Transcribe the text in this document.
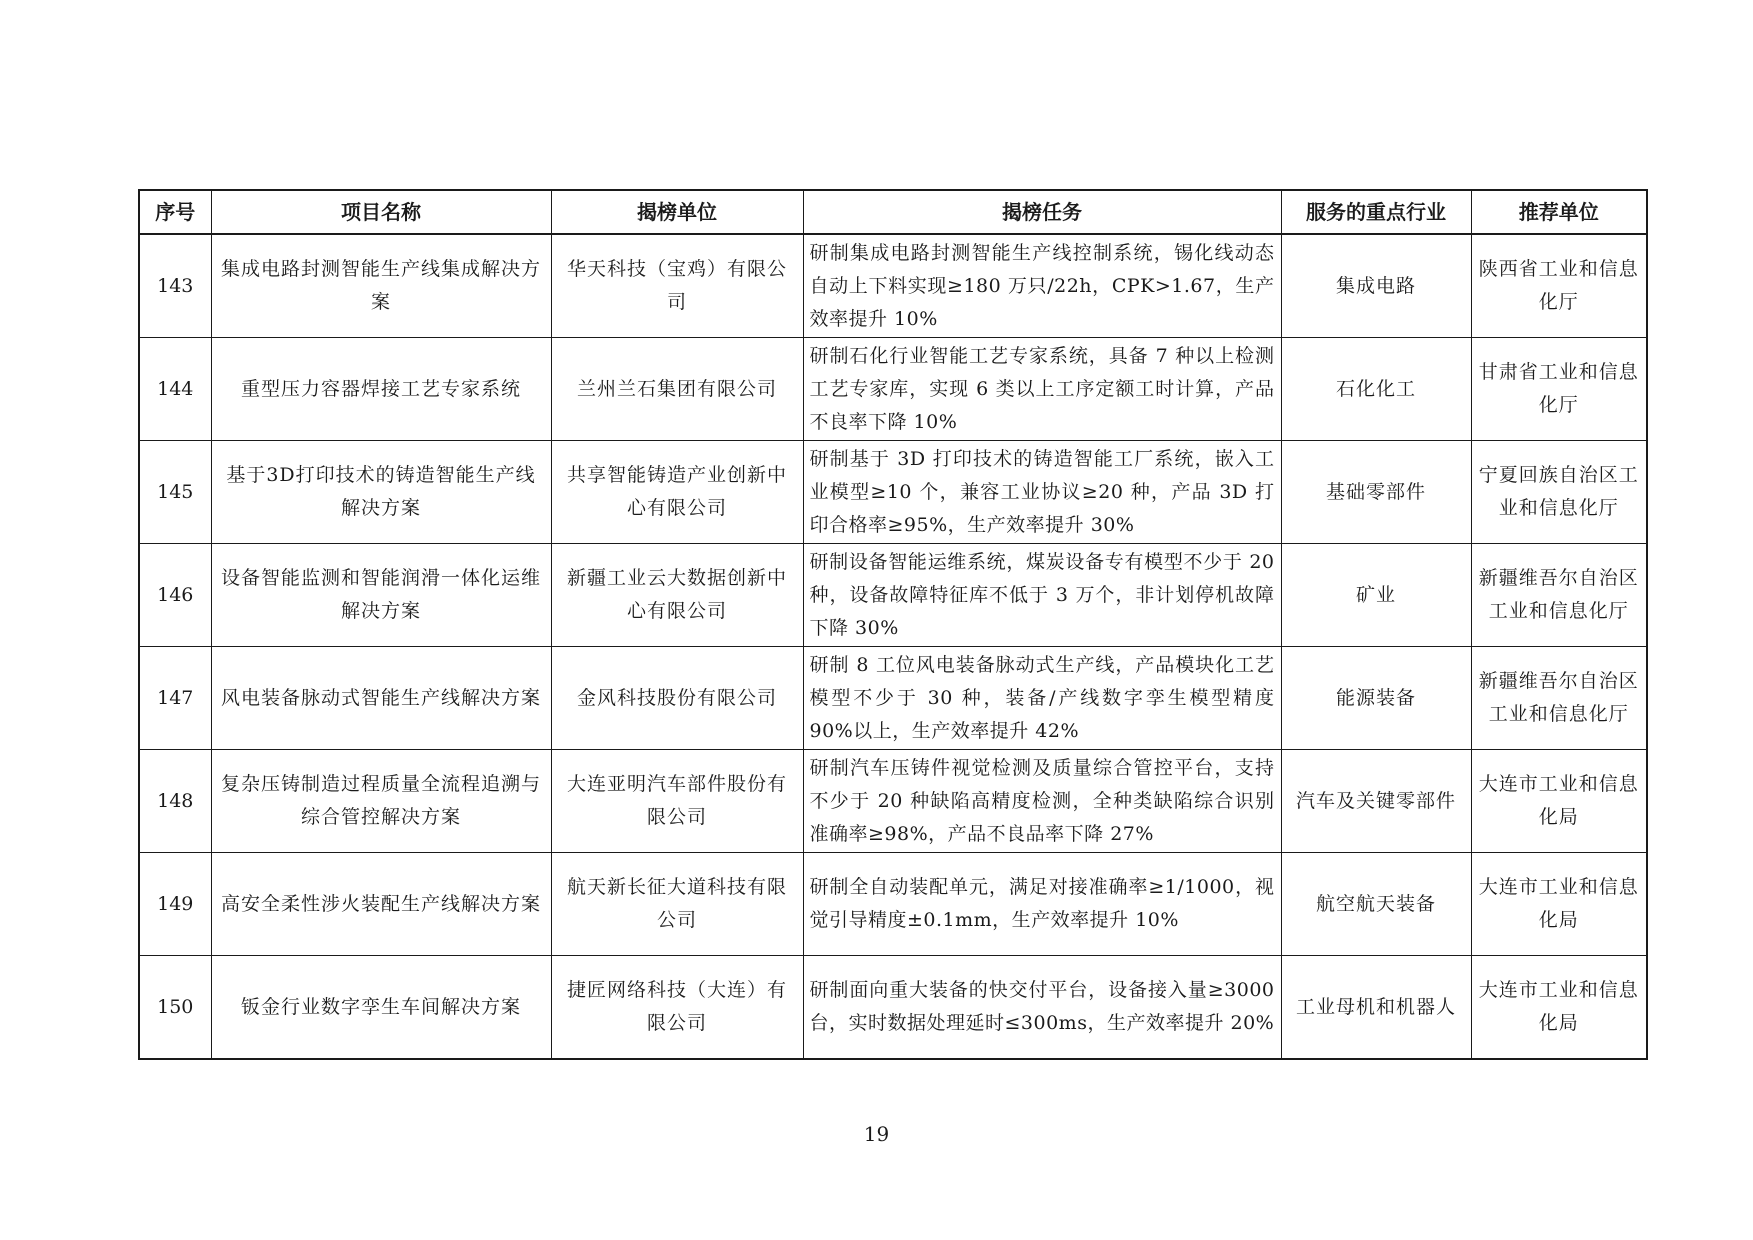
序号	项目名称	揭榜单位	揭榜任务	服务的重点行业	推荐单位
143	集成电路封测智能生产线集成解决方案	华天科技（宝鸡）有限公司	研制集成电路封测智能生产线控制系统，锡化线动态自动上下料实现≥180 万只/22h，CPK>1.67，生产效率提升 10%	集成电路	陕西省工业和信息化厅
144	重型压力容器焊接工艺专家系统	兰州兰石集团有限公司	研制石化行业智能工艺专家系统，具备 7 种以上检测工艺专家库，实现 6 类以上工序定额工时计算，产品不良率下降 10%	石化化工	甘肃省工业和信息化厅
145	基于3D打印技术的铸造智能生产线解决方案	共享智能铸造产业创新中心有限公司	研制基于 3D 打印技术的铸造智能工厂系统，嵌入工业模型≥10 个，兼容工业协议≥20 种，产品 3D 打印合格率≥95%，生产效率提升 30%	基础零部件	宁夏回族自治区工业和信息化厅
146	设备智能监测和智能润滑一体化运维解决方案	新疆工业云大数据创新中心有限公司	研制设备智能运维系统，煤炭设备专有模型不少于 20 种，设备故障特征库不低于 3 万个，非计划停机故障下降 30%	矿业	新疆维吾尔自治区工业和信息化厅
147	风电装备脉动式智能生产线解决方案	金风科技股份有限公司	研制 8 工位风电装备脉动式生产线，产品模块化工艺模型不少于 30 种，装备/产线数字孪生模型精度 90%以上，生产效率提升 42%	能源装备	新疆维吾尔自治区工业和信息化厅
148	复杂压铸制造过程质量全流程追溯与综合管控解决方案	大连亚明汽车部件股份有限公司	研制汽车压铸件视觉检测及质量综合管控平台，支持不少于 20 种缺陷高精度检测，全种类缺陷综合识别准确率≥98%，产品不良品率下降 27%	汽车及关键零部件	大连市工业和信息化局
149	高安全柔性涉火装配生产线解决方案	航天新长征大道科技有限公司	研制全自动装配单元，满足对接准确率≥1/1000，视觉引导精度±0.1mm，生产效率提升 10%	航空航天装备	大连市工业和信息化局
150	钣金行业数字孪生车间解决方案	捷匠网络科技（大连）有限公司	研制面向重大装备的快交付平台，设备接入量≥3000 台，实时数据处理延时≤300ms，生产效率提升 20%	工业母机和机器人	大连市工业和信息化局
19
